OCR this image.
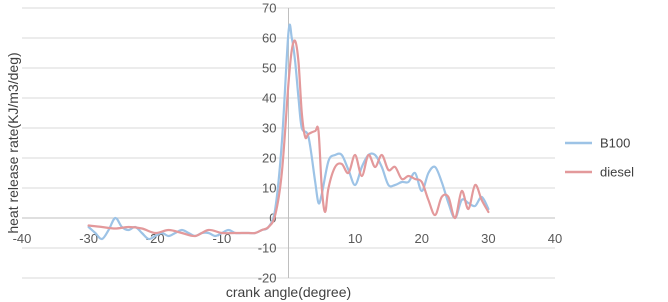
-20
-10
0
10
20
30
40
50
60
70
-40	-30	-20	-10	10	20	30	40
crank angle(degree)
heat release rate(KJ/m3/deg)	B100
diesel
